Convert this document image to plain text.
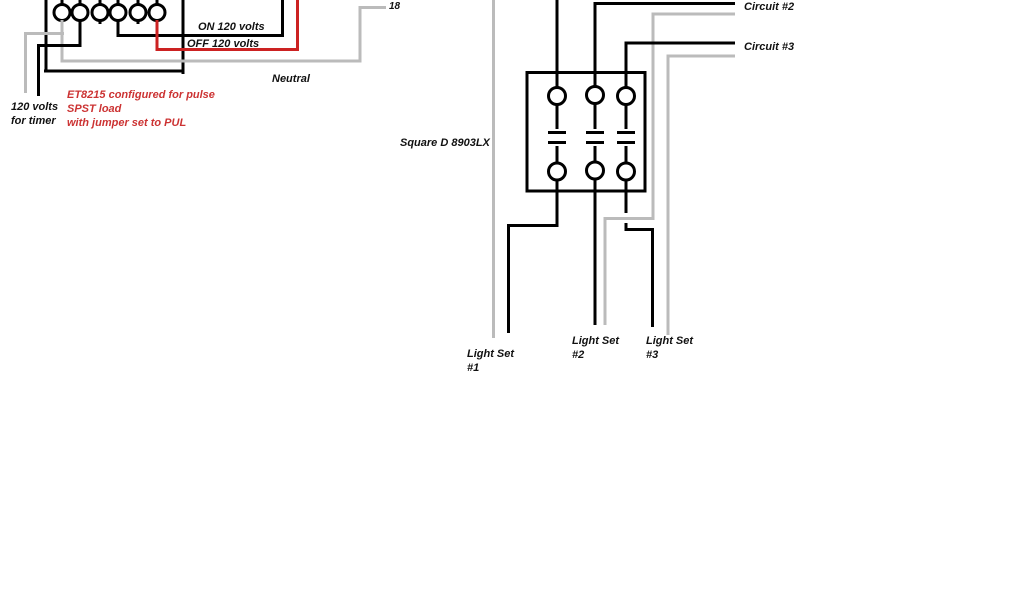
18
ON 120 volts
OFF 120 volts
Neutral
120 volts
for timer
ET8215 configured for pulse
SPST load
with jumper set to PUL
Square D 8903LX
Circuit #2
Circuit #3
Light Set
#1
Light Set
#2
Light Set
#3
